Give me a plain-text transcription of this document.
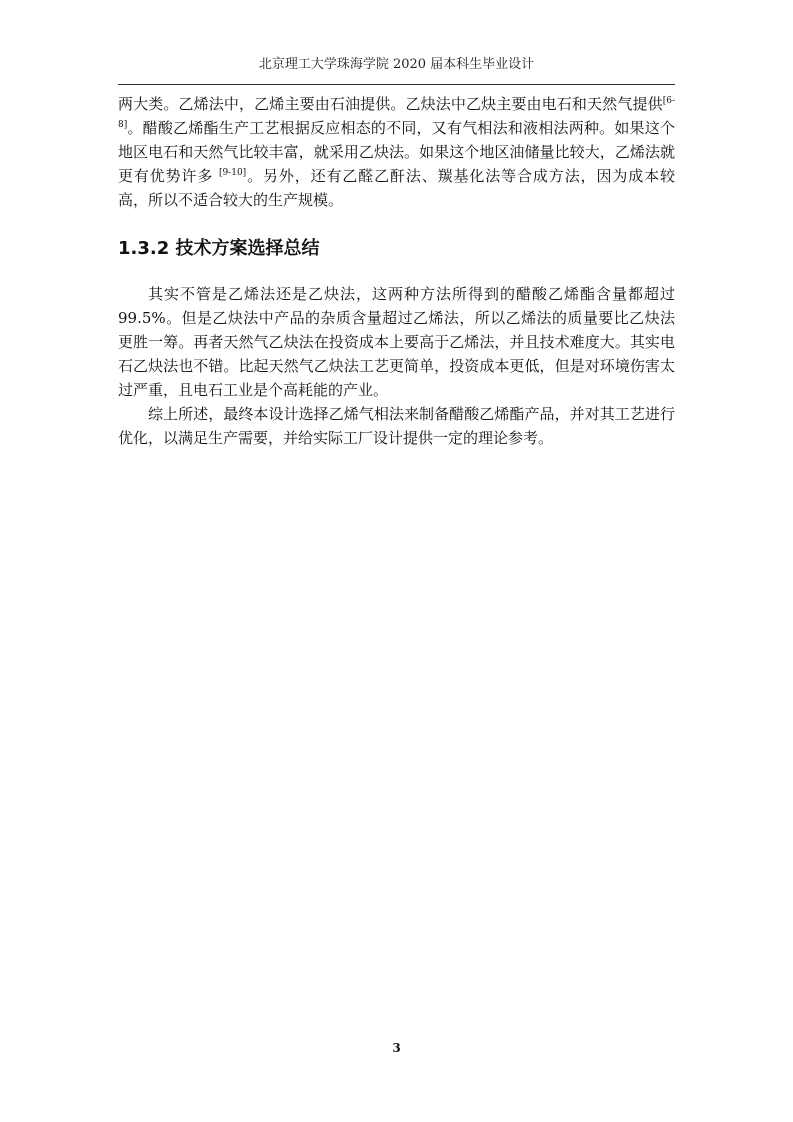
北京理工大学珠海学院 2020 届本科生毕业设计

两大类。乙烯法中，乙烯主要由石油提供。乙炔法中乙炔主要由电石和天然气提供[6-8]。醋酸乙烯酯生产工艺根据反应相态的不同，又有气相法和液相法两种。如果这个地区电石和天然气比较丰富，就采用乙炔法。如果这个地区油储量比较大，乙烯法就更有优势许多 [9-10]。另外，还有乙醛乙酐法、羰基化法等合成方法，因为成本较高，所以不适合较大的生产规模。

1.3.2 技术方案选择总结

其实不管是乙烯法还是乙炔法，这两种方法所得到的醋酸乙烯酯含量都超过 99.5%。但是乙炔法中产品的杂质含量超过乙烯法，所以乙烯法的质量要比乙炔法更胜一筹。再者天然气乙炔法在投资成本上要高于乙烯法，并且技术难度大。其实电石乙炔法也不错。比起天然气乙炔法工艺更简单，投资成本更低，但是对环境伤害太过严重，且电石工业是个高耗能的产业。

综上所述，最终本设计选择乙烯气相法来制备醋酸乙烯酯产品，并对其工艺进行优化，以满足生产需要，并给实际工厂设计提供一定的理论参考。

3
